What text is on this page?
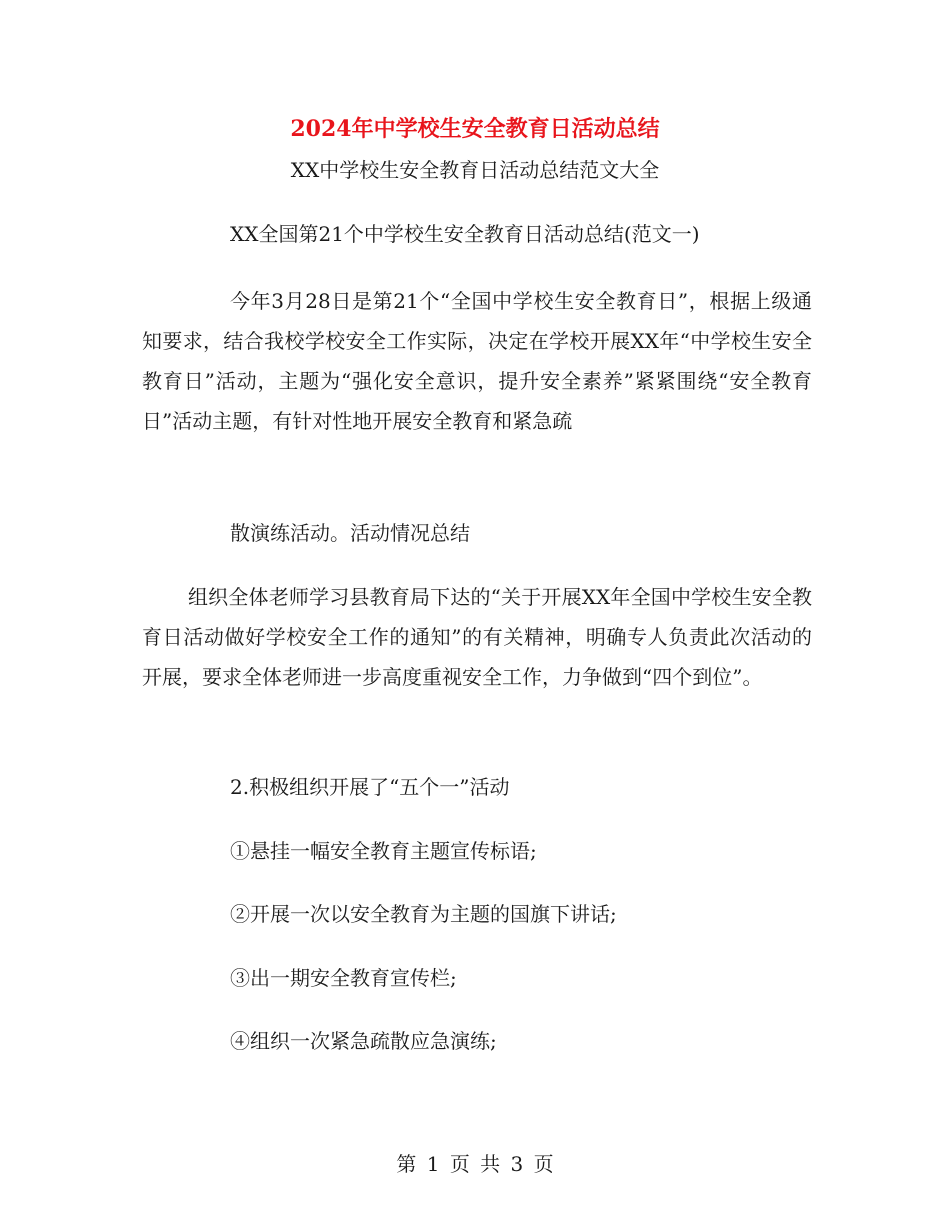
2024年中学校生安全教育日活动总结
XX中学校生安全教育日活动总结范文大全
XX全国第21个中学校生安全教育日活动总结(范文一)
今年3月28日是第21个“全国中学校生安全教育日”，根据上级通知要求，结合我校学校安全工作实际，决定在学校开展XX年“中学校生安全教育日”活动，主题为“强化安全意识，提升安全素养”紧紧围绕“安全教育日”活动主题，有针对性地开展安全教育和紧急疏
散演练活动。活动情况总结
组织全体老师学习县教育局下达的“关于开展XX年全国中学校生安全教育日活动做好学校安全工作的通知”的有关精神，明确专人负责此次活动的开展，要求全体老师进一步高度重视安全工作，力争做到“四个到位”。
2.积极组织开展了“五个一”活动
①悬挂一幅安全教育主题宣传标语;
②开展一次以安全教育为主题的国旗下讲话;
③出一期安全教育宣传栏;
④组织一次紧急疏散应急演练;
第 1 页 共 3 页
